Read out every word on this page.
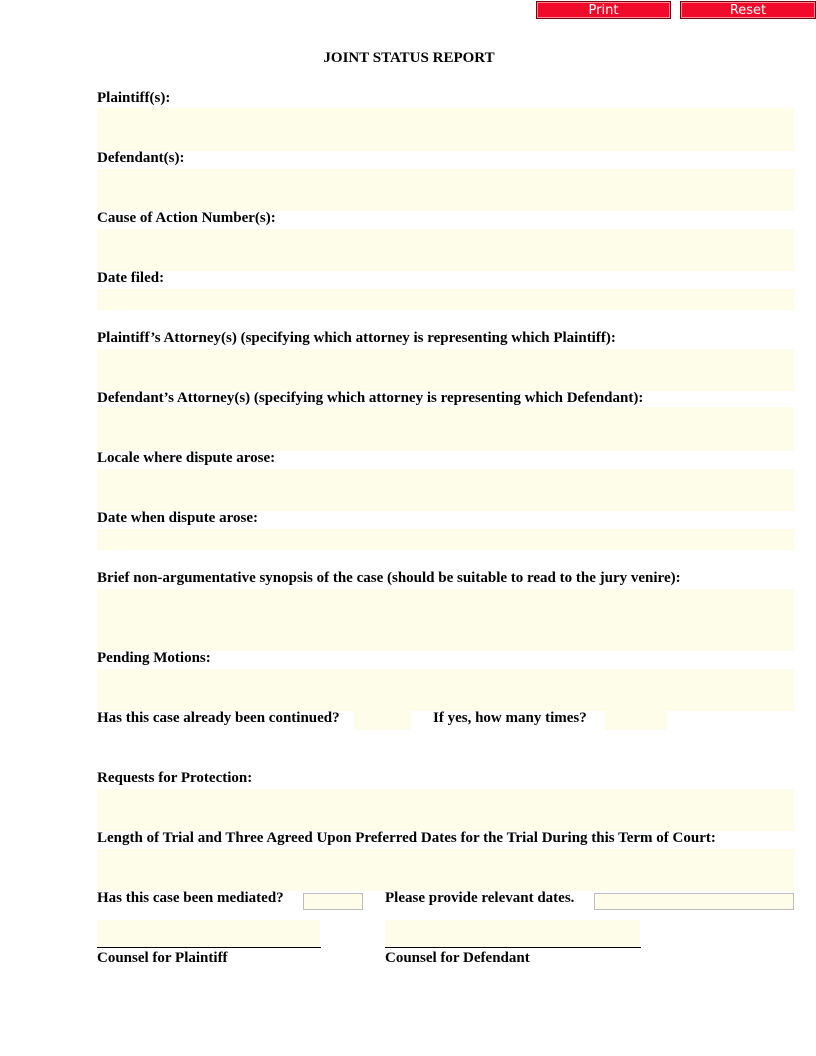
Print	Reset
JOINT STATUS REPORT
Plaintiff(s):
Defendant(s):
Cause of Action Number(s):
Date filed:
Plaintiff’s Attorney(s) (specifying which attorney is representing which Plaintiff):
Defendant’s Attorney(s) (specifying which attorney is representing which Defendant):
Locale where dispute arose:
Date when dispute arose:
Brief non-argumentative synopsis of the case (should be suitable to read to the jury venire):
Pending Motions:
Has this case already been continued?	If yes, how many times?
Requests for Protection:
Length of Trial and Three Agreed Upon Preferred Dates for the Trial During this Term of Court:
Has this case been mediated?	Please provide relevant dates.
Counsel for Plaintiff	Counsel for Defendant
